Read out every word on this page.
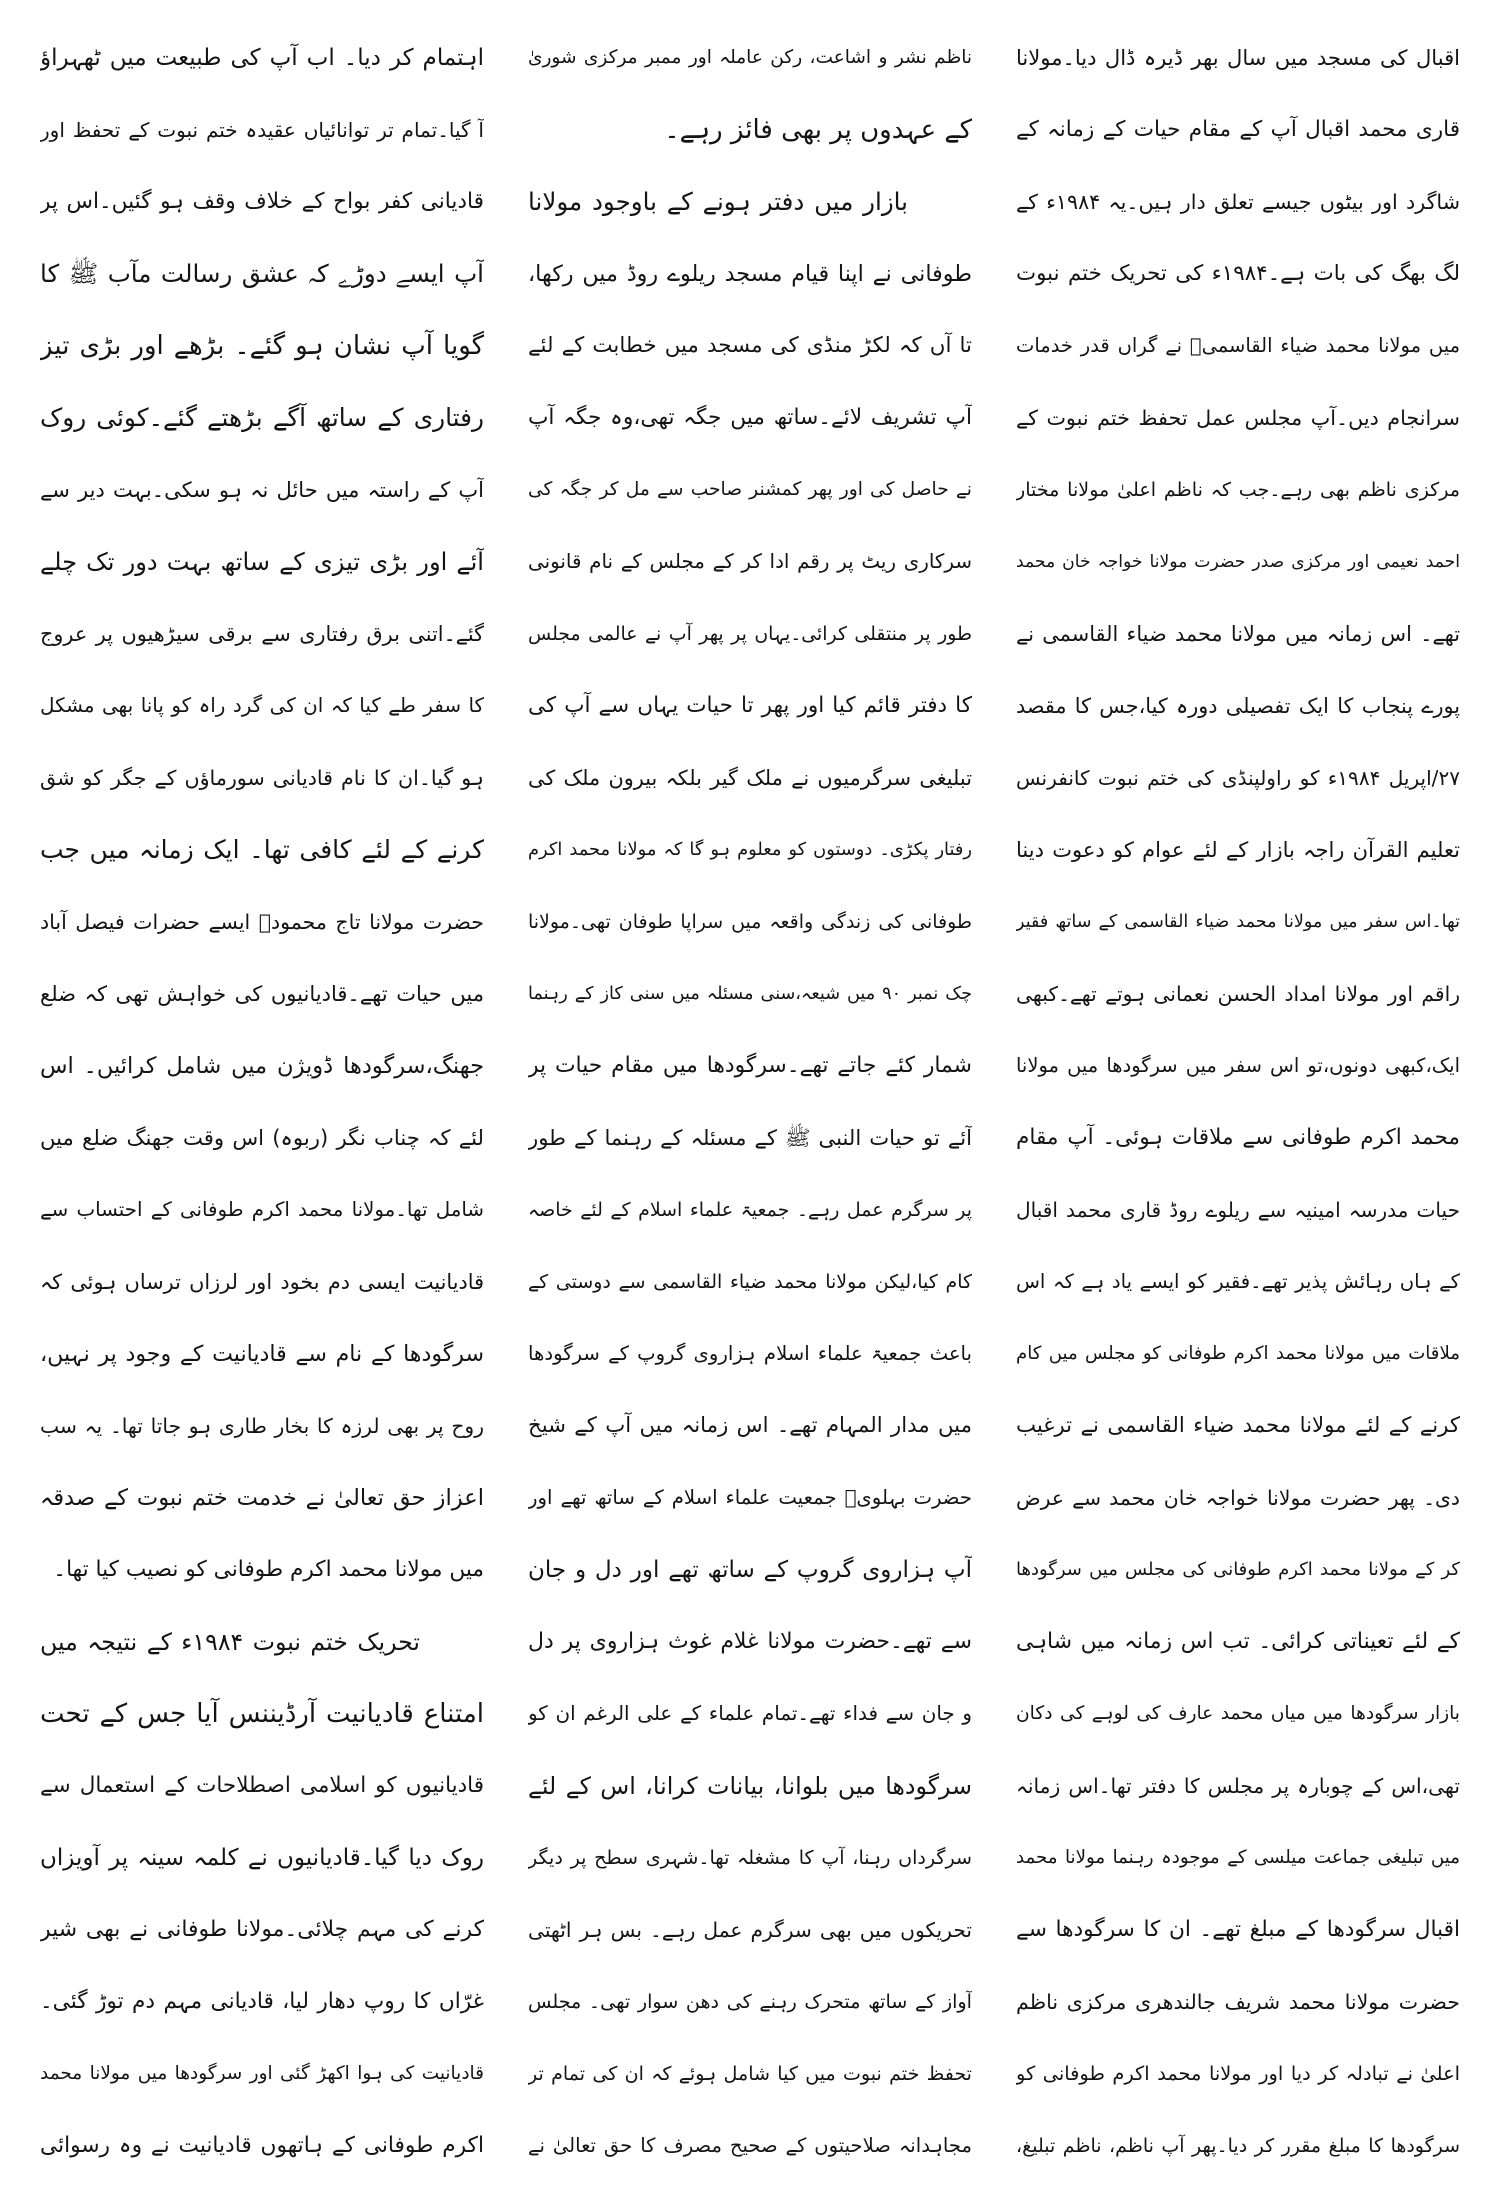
اقبال کی مسجد میں سال بھر ڈیرہ ڈال دیا۔مولانا
قاری محمد اقبال آپ کے مقام حیات کے زمانہ کے
شاگرد اور بیٹوں جیسے تعلق دار ہیں۔یہ ۱۹۸۴ء کے
لگ بھگ کی بات ہے۔۱۹۸۴ء کی تحریک ختم نبوت
میں مولانا محمد ضیاء القاسمیؒ نے گراں قدر خدمات
سرانجام دیں۔آپ مجلس عمل تحفظ ختم نبوت کے
مرکزی ناظم بھی رہے۔جب کہ ناظم اعلیٰ مولانا مختار
احمد نعیمی اور مرکزی صدر حضرت مولانا خواجہ خان محمد
تھے۔ اس زمانہ میں مولانا محمد ضیاء القاسمی نے
پورے پنجاب کا ایک تفصیلی دورہ کیا،جس کا مقصد
۲۷/اپریل ۱۹۸۴ء کو راولپنڈی کی ختم نبوت کانفرنس
تعلیم القرآن راجہ بازار کے لئے عوام کو دعوت دینا
تھا۔اس سفر میں مولانا محمد ضیاء القاسمی کے ساتھ فقیر
راقم اور مولانا امداد الحسن نعمانی ہوتے تھے۔کبھی
ایک،کبھی دونوں،تو اس سفر میں سرگودھا میں مولانا
محمد اکرم طوفانی سے ملاقات ہوئی۔ آپ مقام
حیات مدرسہ امینیہ سے ریلوے روڈ قاری محمد اقبال
کے ہاں رہائش پذیر تھے۔فقیر کو ایسے یاد ہے کہ اس
ملاقات میں مولانا محمد اکرم طوفانی کو مجلس میں کام
کرنے کے لئے مولانا محمد ضیاء القاسمی نے ترغیب
دی۔ پھر حضرت مولانا خواجہ خان محمد سے عرض
کر کے مولانا محمد اکرم طوفانی کی مجلس میں سرگودھا
کے لئے تعیناتی کرائی۔ تب اس زمانہ میں شاہی
بازار سرگودھا میں میاں محمد عارف کی لوہے کی دکان
تھی،اس کے چوبارہ پر مجلس کا دفتر تھا۔اس زمانہ
میں تبلیغی جماعت میلسی کے موجودہ رہنما مولانا محمد
اقبال سرگودھا کے مبلغ تھے۔ ان کا سرگودھا سے
حضرت مولانا محمد شریف جالندھری مرکزی ناظم
اعلیٰ نے تبادلہ کر دیا اور مولانا محمد اکرم طوفانی کو
سرگودھا کا مبلغ مقرر کر دیا۔پھر آپ ناظم، ناظم تبلیغ،
ناظم نشر و اشاعت، رکن عاملہ اور ممبر مرکزی شوریٰ
کے عہدوں پر بھی فائز رہے۔
بازار میں دفتر ہونے کے باوجود مولانا
طوفانی نے اپنا قیام مسجد ریلوے روڈ میں رکھا،
تا آں کہ لکڑ منڈی کی مسجد میں خطابت کے لئے
آپ تشریف لائے۔ساتھ میں جگہ تھی،وہ جگہ آپ
نے حاصل کی اور پھر کمشنر صاحب سے مل کر جگہ کی
سرکاری ریٹ پر رقم ادا کر کے مجلس کے نام قانونی
طور پر منتقلی کرائی۔یہاں پر پھر آپ نے عالمی مجلس
کا دفتر قائم کیا اور پھر تا حیات یہاں سے آپ کی
تبلیغی سرگرمیوں نے ملک گیر بلکہ بیرون ملک کی
رفتار پکڑی۔ دوستوں کو معلوم ہو گا کہ مولانا محمد اکرم
طوفانی کی زندگی واقعہ میں سراپا طوفان تھی۔مولانا
چک نمبر ۹۰ میں شیعہ،سنی مسئلہ میں سنی کاز کے رہنما
شمار کئے جاتے تھے۔سرگودھا میں مقام حیات پر
آئے تو حیات النبی ﷺ کے مسئلہ کے رہنما کے طور
پر سرگرم عمل رہے۔ جمعیۃ علماء اسلام کے لئے خاصہ
کام کیا،لیکن مولانا محمد ضیاء القاسمی سے دوستی کے
باعث جمعیۃ علماء اسلام ہزاروی گروپ کے سرگودھا
میں مدار المہام تھے۔ اس زمانہ میں آپ کے شیخ
حضرت بہلویؒ جمعیت علماء اسلام کے ساتھ تھے اور
آپ ہزاروی گروپ کے ساتھ تھے اور دل و جان
سے تھے۔حضرت مولانا غلام غوث ہزاروی پر دل
و جان سے فداء تھے۔تمام علماء کے علی الرغم ان کو
سرگودھا میں بلوانا، بیانات کرانا، اس کے لئے
سرگرداں رہنا، آپ کا مشغلہ تھا۔شہری سطح پر دیگر
تحریکوں میں بھی سرگرم عمل رہے۔ بس ہر اٹھتی
آواز کے ساتھ متحرک رہنے کی دھن سوار تھی۔ مجلس
تحفظ ختم نبوت میں کیا شامل ہوئے کہ ان کی تمام تر
مجاہدانہ صلاحیتوں کے صحیح مصرف کا حق تعالیٰ نے
اہتمام کر دیا۔ اب آپ کی طبیعت میں ٹھہراؤ
آ گیا۔تمام تر توانائیاں عقیدہ ختم نبوت کے تحفظ اور
قادیانی کفر بواح کے خلاف وقف ہو گئیں۔اس پر
آپ ایسے دوڑے کہ عشق رسالت مآب ﷺ کا
گویا آپ نشان ہو گئے۔ بڑھے اور بڑی تیز
رفتاری کے ساتھ آگے بڑھتے گئے۔کوئی روک
آپ کے راستہ میں حائل نہ ہو سکی۔بہت دیر سے
آئے اور بڑی تیزی کے ساتھ بہت دور تک چلے
گئے۔اتنی برق رفتاری سے برقی سیڑھیوں پر عروج
کا سفر طے کیا کہ ان کی گرد راہ کو پانا بھی مشکل
ہو گیا۔ان کا نام قادیانی سورماؤں کے جگر کو شق
کرنے کے لئے کافی تھا۔ ایک زمانہ میں جب
حضرت مولانا تاج محمودؒ ایسے حضرات فیصل آباد
میں حیات تھے۔قادیانیوں کی خواہش تھی کہ ضلع
جھنگ،سرگودھا ڈویژن میں شامل کرائیں۔ اس
لئے کہ چناب نگر (ربوہ) اس وقت جھنگ ضلع میں
شامل تھا۔مولانا محمد اکرم طوفانی کے احتساب سے
قادیانیت ایسی دم بخود اور لرزاں ترساں ہوئی کہ
سرگودھا کے نام سے قادیانیت کے وجود پر نہیں،
روح پر بھی لرزہ کا بخار طاری ہو جاتا تھا۔ یہ سب
اعزاز حق تعالیٰ نے خدمت ختم نبوت کے صدقہ
میں مولانا محمد اکرم طوفانی کو نصیب کیا تھا۔
تحریک ختم نبوت ۱۹۸۴ء کے نتیجہ میں
امتناع قادیانیت آرڈیننس آیا جس کے تحت
قادیانیوں کو اسلامی اصطلاحات کے استعمال سے
روک دیا گیا۔قادیانیوں نے کلمہ سینہ پر آویزاں
کرنے کی مہم چلائی۔مولانا طوفانی نے بھی شیر
غرّاں کا روپ دھار لیا، قادیانی مہم دم توڑ گئی۔
قادیانیت کی ہوا اکھڑ گئی اور سرگودھا میں مولانا محمد
اکرم طوفانی کے ہاتھوں قادیانیت نے وہ رسوائی
